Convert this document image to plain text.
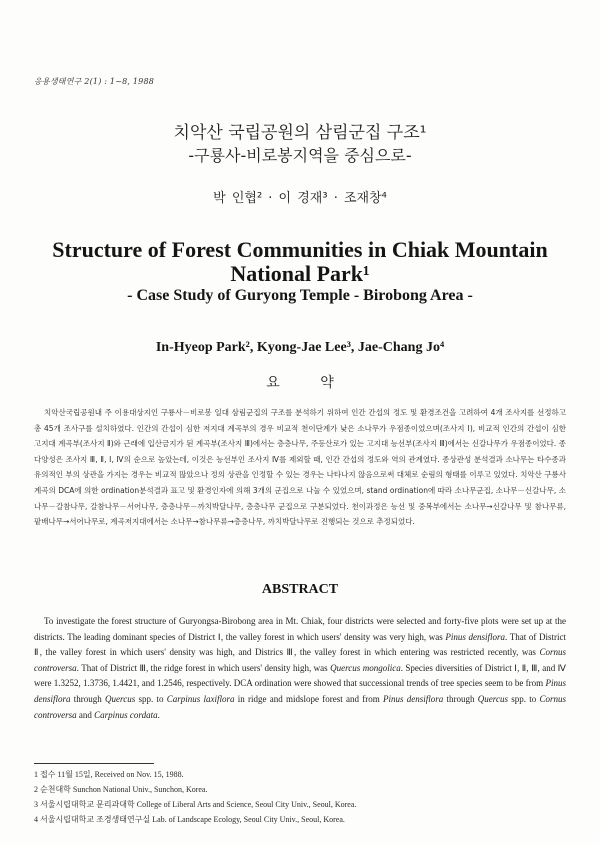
응용생태연구 2(1) : 1~8, 1988
치악산 국립공원의 삼림군집 구조¹
-구룡사-비로봉지역을 중심으로-
박 인협² · 이 경재³ · 조재창⁴
Structure of Forest Communities in Chiak Mountain
National Park¹
- Case Study of Guryong Temple - Birobong Area -
In-Hyeop Park², Kyong-Jae Lee³, Jae-Chang Jo⁴
요 약

치악산국립공원내 주 이용대상지인 구룡사－비로봉 일대 삼림군집의 구조를 분석하기 위하여 인간 간섭의 정도 및 환경조건을 고려하여 4개 조사지를 선정하고 총 45개 조사구를 설치하였다. 인간의 간섭이 심한 저지대 계곡부의 경우 비교적 천이단계가 낮은 소나무가 우점종이었으며(조사지 Ⅰ), 비교적 인간의 간섭이 심한 고지대 계곡부(조사지 Ⅱ)와 근래에 입산금지가 된 계곡부(조사지 Ⅲ)에서는 층층나무, 주등산로가 있는 고지대 능선부(조사지 Ⅲ)에서는 신갈나무가 우점종이었다. 종다양성은 조사지 Ⅲ, Ⅱ, Ⅰ, Ⅳ의 순으로 높았는데, 이것은 능선부인 조사지 Ⅳ를 제외할 때, 인간 간섭의 정도와 역의 관계였다. 종상관성 분석결과 소나무는 타수종과 유의적인 부의 상관을 가지는 경우는 비교적 많았으나 정의 상관을 인정할 수 있는 경우는 나타나지 않음으로써 대체로 순림의 형태를 이루고 있었다. 치악산 구룡사 계곡의 DCA에 의한 ordination분석결과 표고 및 환경인자에 의해 3개의 군집으로 나눌 수 있었으며, stand ordination에 따라 소나무군집, 소나무－신갈나무, 소나무－갈참나무, 갈참나무－서어나무, 층층나무－까치박달나무, 층층나무 군집으로 구분되었다. 천이과정은 능선 및 중복부에서는 소나무→신갈나무 및 참나무류, 팥배나무→서어나무로, 계곡저지대에서는 소나무→참나무류→층층나무, 까치박달나무로 진행되는 것으로 추정되었다.

ABSTRACT

To investigate the forest structure of Guryongsa-Birobong area in Mt. Chiak, four districts were selected and forty-five plots were set up at the districts. The leading dominant species of District Ⅰ, the valley forest in which users' density was very high, was Pinus densiflora. That of District Ⅱ, the valley forest in which users' density was high, and Districs Ⅲ, the valley forest in which entering was restricted recently, was Cornus controversa. That of District Ⅲ, the ridge forest in which users' density high, was Quercus mongolica. Species diversities of District Ⅰ, Ⅱ, Ⅲ, and Ⅳ were 1.3252, 1.3736, 1.4421, and 1.2546, respectively. DCA ordination were showed that successional trends of tree species seem to be from Pinus densiflora through Quercus spp. to Carpinus laxiflora in ridge and midslope forest and from Pinus densiflora through Quercus spp. to Cornus controversa and Carpinus cordata.

1 접수 11월 15일, Received on Nov. 15, 1988.
2 순천대학 Sunchon National Univ., Sunchon, Korea.
3 서울시립대학교 문리과대학 College of Liberal Arts and Science, Seoul City Univ., Seoul, Korea.
4 서울시립대학교 조경생태연구실 Lab. of Landscape Ecology, Seoul City Univ., Seoul, Korea.
